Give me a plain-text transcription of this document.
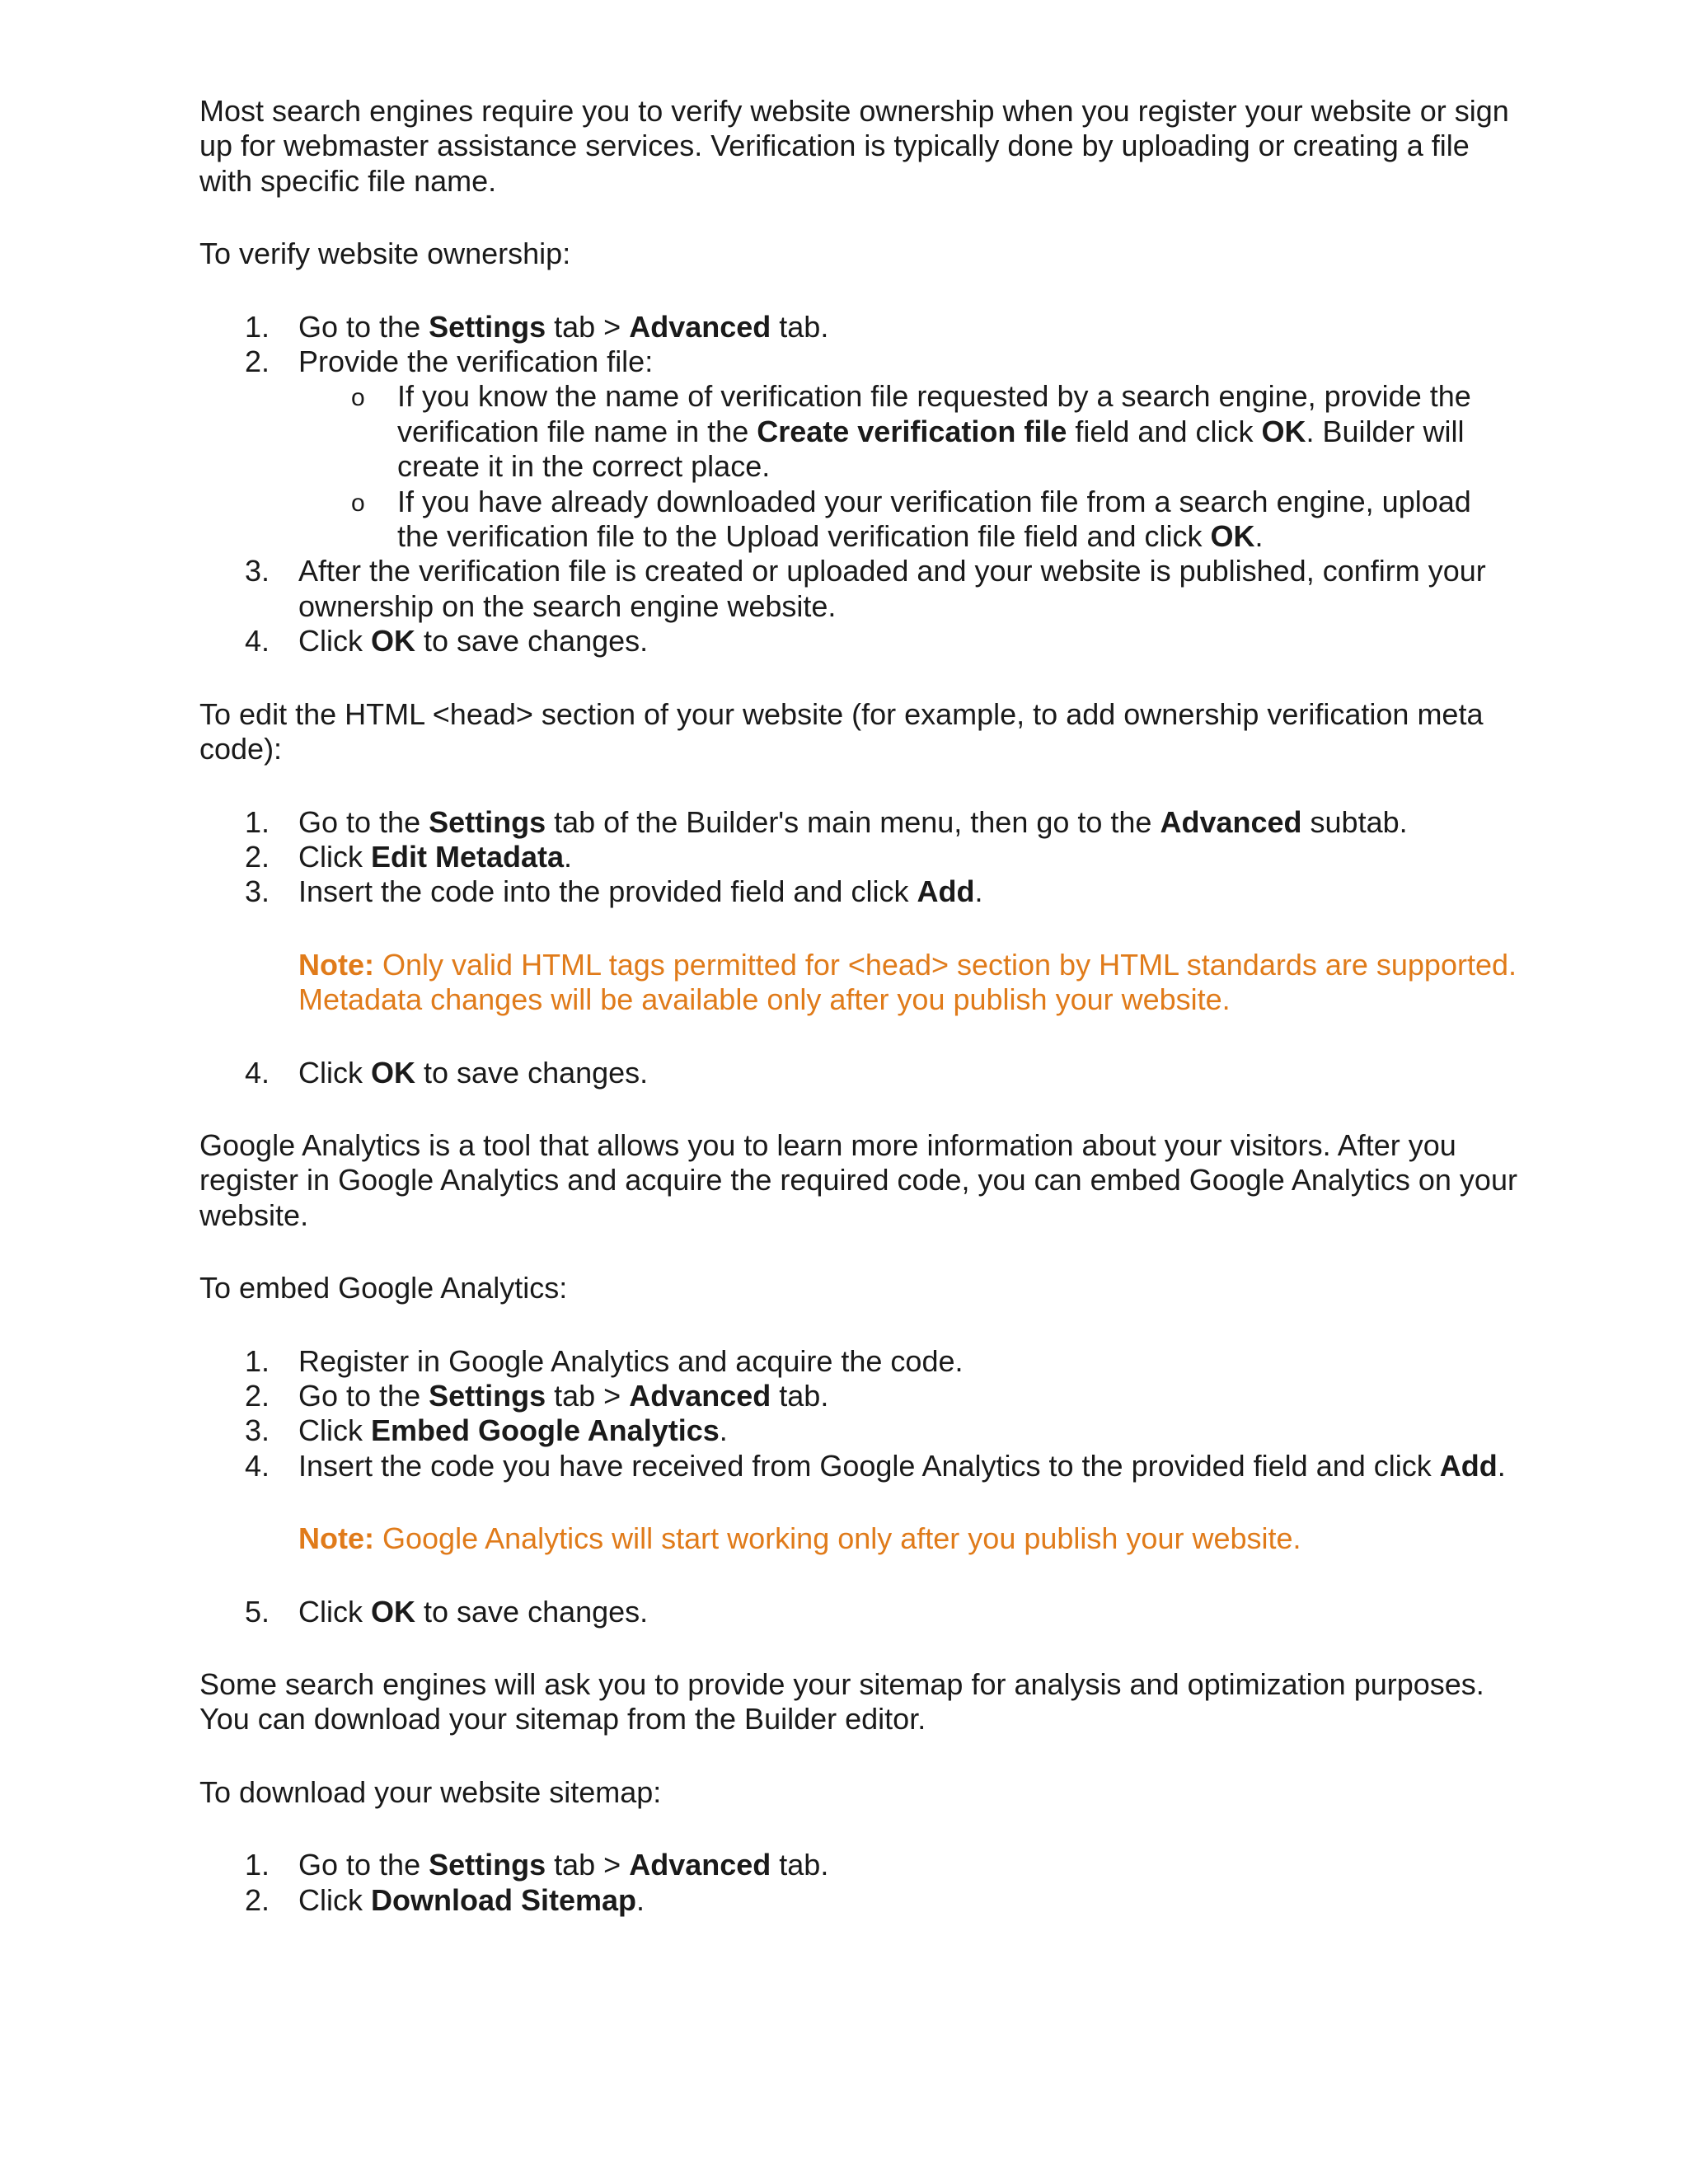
Most search engines require you to verify website ownership when you register your website or sign up for webmaster assistance services. Verification is typically done by uploading or creating a file with specific file name.

To verify website ownership:

1. Go to the Settings tab > Advanced tab.
2. Provide the verification file:
o If you know the name of verification file requested by a search engine, provide the verification file name in the Create verification file field and click OK. Builder will create it in the correct place.
o If you have already downloaded your verification file from a search engine, upload the verification file to the Upload verification file field and click OK.
3. After the verification file is created or uploaded and your website is published, confirm your ownership on the search engine website.
4. Click OK to save changes.

To edit the HTML <head> section of your website (for example, to add ownership verification meta code):

1. Go to the Settings tab of the Builder's main menu, then go to the Advanced subtab.
2. Click Edit Metadata.
3. Insert the code into the provided field and click Add.

Note: Only valid HTML tags permitted for <head> section by HTML standards are supported. Metadata changes will be available only after you publish your website.

4. Click OK to save changes.

Google Analytics is a tool that allows you to learn more information about your visitors. After you register in Google Analytics and acquire the required code, you can embed Google Analytics on your website.

To embed Google Analytics:

1. Register in Google Analytics and acquire the code.
2. Go to the Settings tab > Advanced tab.
3. Click Embed Google Analytics.
4. Insert the code you have received from Google Analytics to the provided field and click Add.

Note: Google Analytics will start working only after you publish your website.

5. Click OK to save changes.

Some search engines will ask you to provide your sitemap for analysis and optimization purposes. You can download your sitemap from the Builder editor.

To download your website sitemap:

1. Go to the Settings tab > Advanced tab.
2. Click Download Sitemap.
